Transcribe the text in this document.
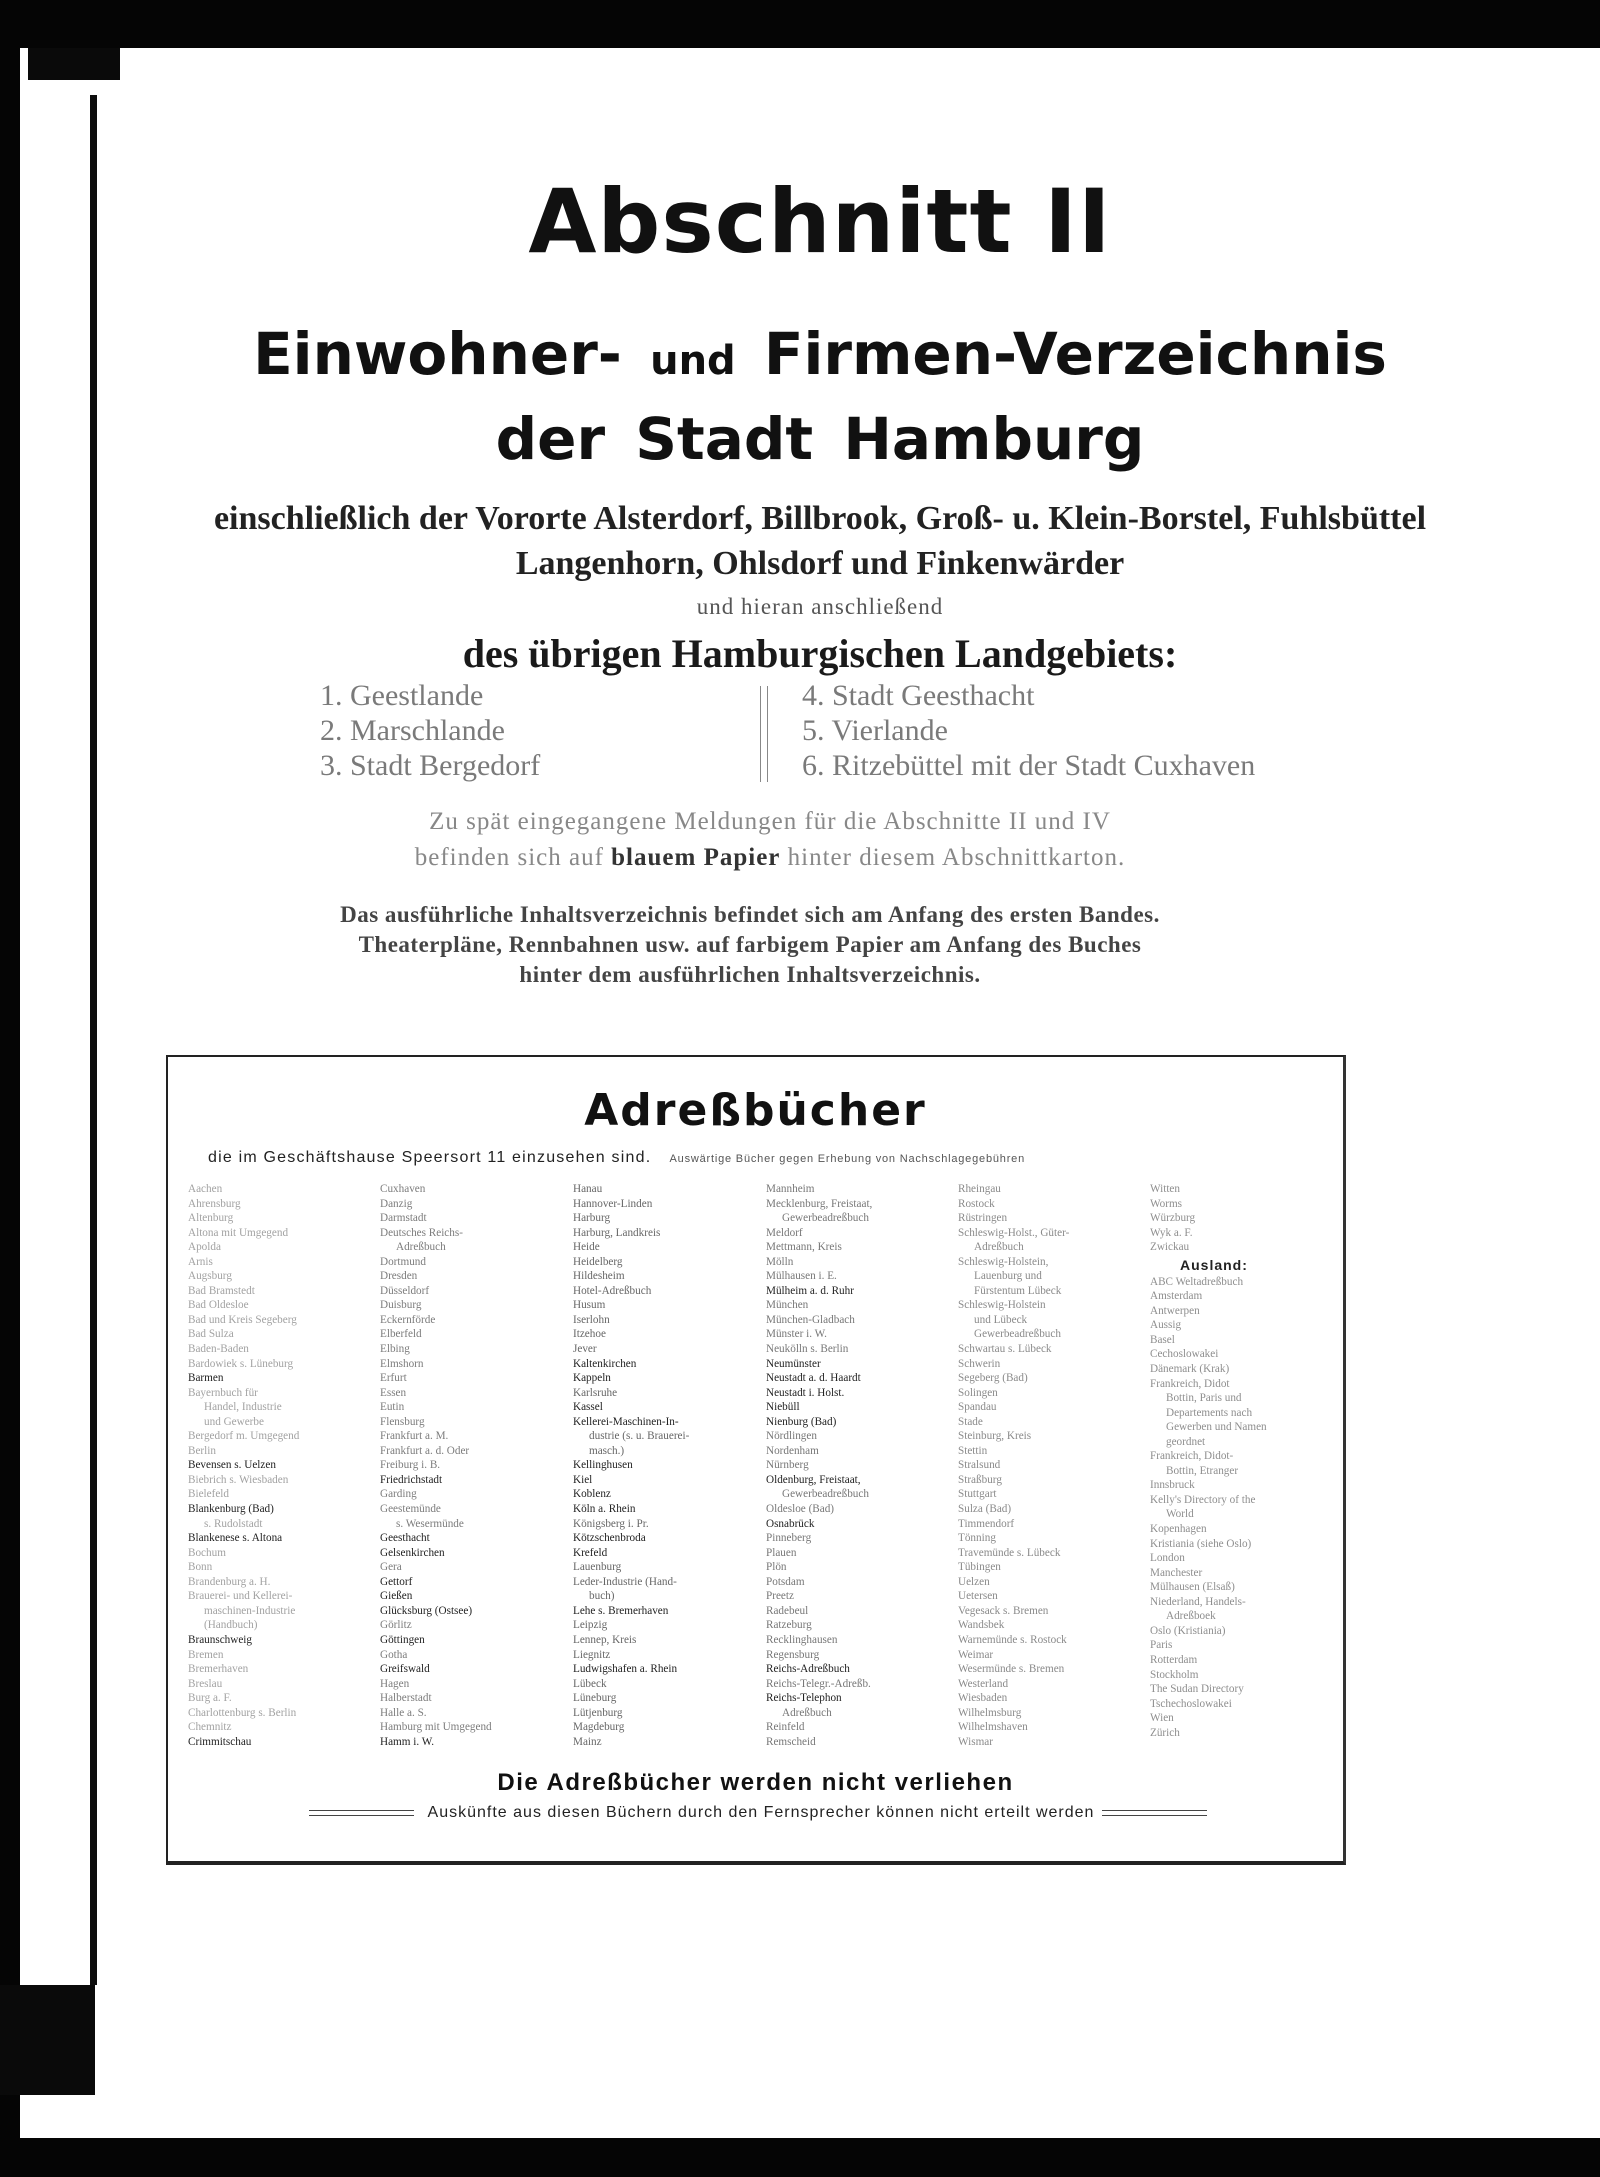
Abschnitt II
Einwohner- und Firmen-Verzeichnis
der Stadt Hamburg
einschließlich der Vororte Alsterdorf, Billbrook, Groß- u. Klein-Borstel, Fuhlsbüttel
Langenhorn, Ohlsdorf und Finkenwärder
und hieran anschließend
des übrigen Hamburgischen Landgebiets:
1. Geestlande
2. Marschlande
3. Stadt Bergedorf
4. Stadt Geesthacht
5. Vierlande
6. Ritzebüttel mit der Stadt Cuxhaven
Zu spät eingegangene Meldungen für die Abschnitte II und IV
befinden sich auf blauem Papier hinter diesem Abschnittkarton.
Das ausführliche Inhaltsverzeichnis befindet sich am Anfang des ersten Bandes.
Theaterpläne, Rennbahnen usw. auf farbigem Papier am Anfang des Buches
hinter dem ausführlichen Inhaltsverzeichnis.
Adreßbücher
die im Geschäftshause Speersort 11 einzusehen sind. Auswärtige Bücher gegen Erhebung von Nachschlagegebühren
Aachen
Ahrensburg
Altenburg
Altona mit Umgegend
Apolda
Arnis
Augsburg
Bad Bramstedt
Bad Oldesloe
Bad und Kreis Segeberg
Bad Sulza
Baden-Baden
Bardowiek s. Lüneburg
Barmen
Bayernbuch für
Handel, Industrie
und Gewerbe
Bergedorf m. Umgegend
Berlin
Bevensen s. Uelzen
Biebrich s. Wiesbaden
Bielefeld
Blankenburg (Bad)
s. Rudolstadt
Blankenese s. Altona
Bochum
Bonn
Brandenburg a. H.
Brauerei- und Kellerei-
maschinen-Industrie
(Handbuch)
Braunschweig
Bremen
Bremerhaven
Breslau
Burg a. F.
Charlottenburg s. Berlin
Chemnitz
Crimmitschau
Cuxhaven
Danzig
Darmstadt
Deutsches Reichs-
Adreßbuch
Dortmund
Dresden
Düsseldorf
Duisburg
Eckernförde
Elberfeld
Elbing
Elmshorn
Erfurt
Essen
Eutin
Flensburg
Frankfurt a. M.
Frankfurt a. d. Oder
Freiburg i. B.
Friedrichstadt
Garding
Geestemünde
s. Wesermünde
Geesthacht
Gelsenkirchen
Gera
Gettorf
Gießen
Glücksburg (Ostsee)
Görlitz
Göttingen
Gotha
Greifswald
Hagen
Halberstadt
Halle a. S.
Hamburg mit Umgegend
Hamm i. W.
Hanau
Hannover-Linden
Harburg
Harburg, Landkreis
Heide
Heidelberg
Hildesheim
Hotel-Adreßbuch
Husum
Iserlohn
Itzehoe
Jever
Kaltenkirchen
Kappeln
Karlsruhe
Kassel
Kellerei-Maschinen-In-
dustrie (s. u. Brauerei-
masch.)
Kellinghusen
Kiel
Koblenz
Köln a. Rhein
Königsberg i. Pr.
Kötzschenbroda
Krefeld
Lauenburg
Leder-Industrie (Hand-
buch)
Lehe s. Bremerhaven
Leipzig
Lennep, Kreis
Liegnitz
Ludwigshafen a. Rhein
Lübeck
Lüneburg
Lütjenburg
Magdeburg
Mainz
Mannheim
Mecklenburg, Freistaat,
Gewerbeadreßbuch
Meldorf
Mettmann, Kreis
Mölln
Mülhausen i. E.
Mülheim a. d. Ruhr
München
München-Gladbach
Münster i. W.
Neukölln s. Berlin
Neumünster
Neustadt a. d. Haardt
Neustadt i. Holst.
Niebüll
Nienburg (Bad)
Nördlingen
Nordenham
Nürnberg
Oldenburg, Freistaat,
Gewerbeadreßbuch
Oldesloe (Bad)
Osnabrück
Pinneberg
Plauen
Plön
Potsdam
Preetz
Radebeul
Ratzeburg
Recklinghausen
Regensburg
Reichs-Adreßbuch
Reichs-Telegr.-Adreßb.
Reichs-Telephon
Adreßbuch
Reinfeld
Remscheid
Rheingau
Rostock
Rüstringen
Schleswig-Holst., Güter-
Adreßbuch
Schleswig-Holstein,
Lauenburg und
Fürstentum Lübeck
Schleswig-Holstein
und Lübeck
Gewerbeadreßbuch
Schwartau s. Lübeck
Schwerin
Segeberg (Bad)
Solingen
Spandau
Stade
Steinburg, Kreis
Stettin
Stralsund
Straßburg
Stuttgart
Sulza (Bad)
Timmendorf
Tönning
Travemünde s. Lübeck
Tübingen
Uelzen
Uetersen
Vegesack s. Bremen
Wandsbek
Warnemünde s. Rostock
Weimar
Wesermünde s. Bremen
Westerland
Wiesbaden
Wilhelmsburg
Wilhelmshaven
Wismar
Witten
Worms
Würzburg
Wyk a. F.
Zwickau
Ausland:
ABC Weltadreßbuch
Amsterdam
Antwerpen
Aussig
Basel
Cechoslowakei
Dänemark (Krak)
Frankreich, Didot
Bottin, Paris und
Departements nach
Gewerben und Namen
geordnet
Frankreich, Didot-
Bottin, Etranger
Innsbruck
Kelly's Directory of the
World
Kopenhagen
Kristiania (siehe Oslo)
London
Manchester
Mülhausen (Elsaß)
Niederland, Handels-
Adreßboek
Oslo (Kristiania)
Paris
Rotterdam
Stockholm
The Sudan Directory
Tschechoslowakei
Wien
Zürich
Die Adreßbücher werden nicht verliehen
Auskünfte aus diesen Büchern durch den Fernsprecher können nicht erteilt werden
